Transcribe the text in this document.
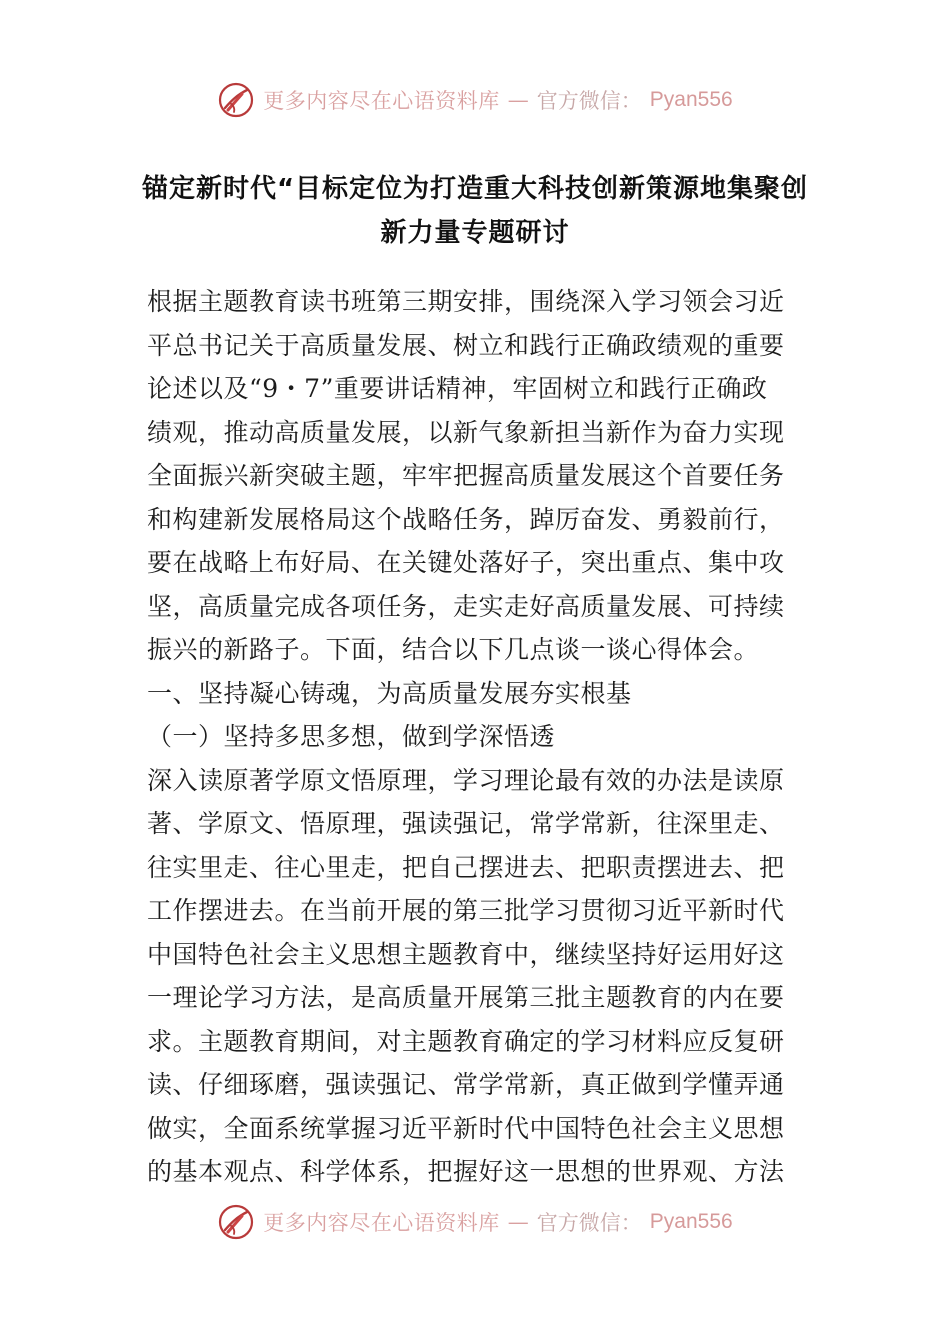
更多内容尽在心语资料库 — 官方微信： Pyan556
锚定新时代“目标定位为打造重大科技创新策源地集聚创
新力量专题研讨
根据主题教育读书班第三期安排，围绕深入学习领会习近
平总书记关于高质量发展、树立和践行正确政绩观的重要
论述以及“9・7”重要讲话精神，牢固树立和践行正确政
绩观，推动高质量发展，以新气象新担当新作为奋力实现
全面振兴新突破主题，牢牢把握高质量发展这个首要任务
和构建新发展格局这个战略任务，踔厉奋发、勇毅前行，
要在战略上布好局、在关键处落好子，突出重点、集中攻
坚，高质量完成各项任务，走实走好高质量发展、可持续
振兴的新路子。下面，结合以下几点谈一谈心得体会。
一、坚持凝心铸魂，为高质量发展夯实根基
（一）坚持多思多想，做到学深悟透
深入读原著学原文悟原理，学习理论最有效的办法是读原
著、学原文、悟原理，强读强记，常学常新，往深里走、
往实里走、往心里走，把自己摆进去、把职责摆进去、把
工作摆进去。在当前开展的第三批学习贯彻习近平新时代
中国特色社会主义思想主题教育中，继续坚持好运用好这
一理论学习方法，是高质量开展第三批主题教育的内在要
求。主题教育期间，对主题教育确定的学习材料应反复研
读、仔细琢磨，强读强记、常学常新，真正做到学懂弄通
做实，全面系统掌握习近平新时代中国特色社会主义思想
的基本观点、科学体系，把握好这一思想的世界观、方法
更多内容尽在心语资料库 — 官方微信： Pyan556
